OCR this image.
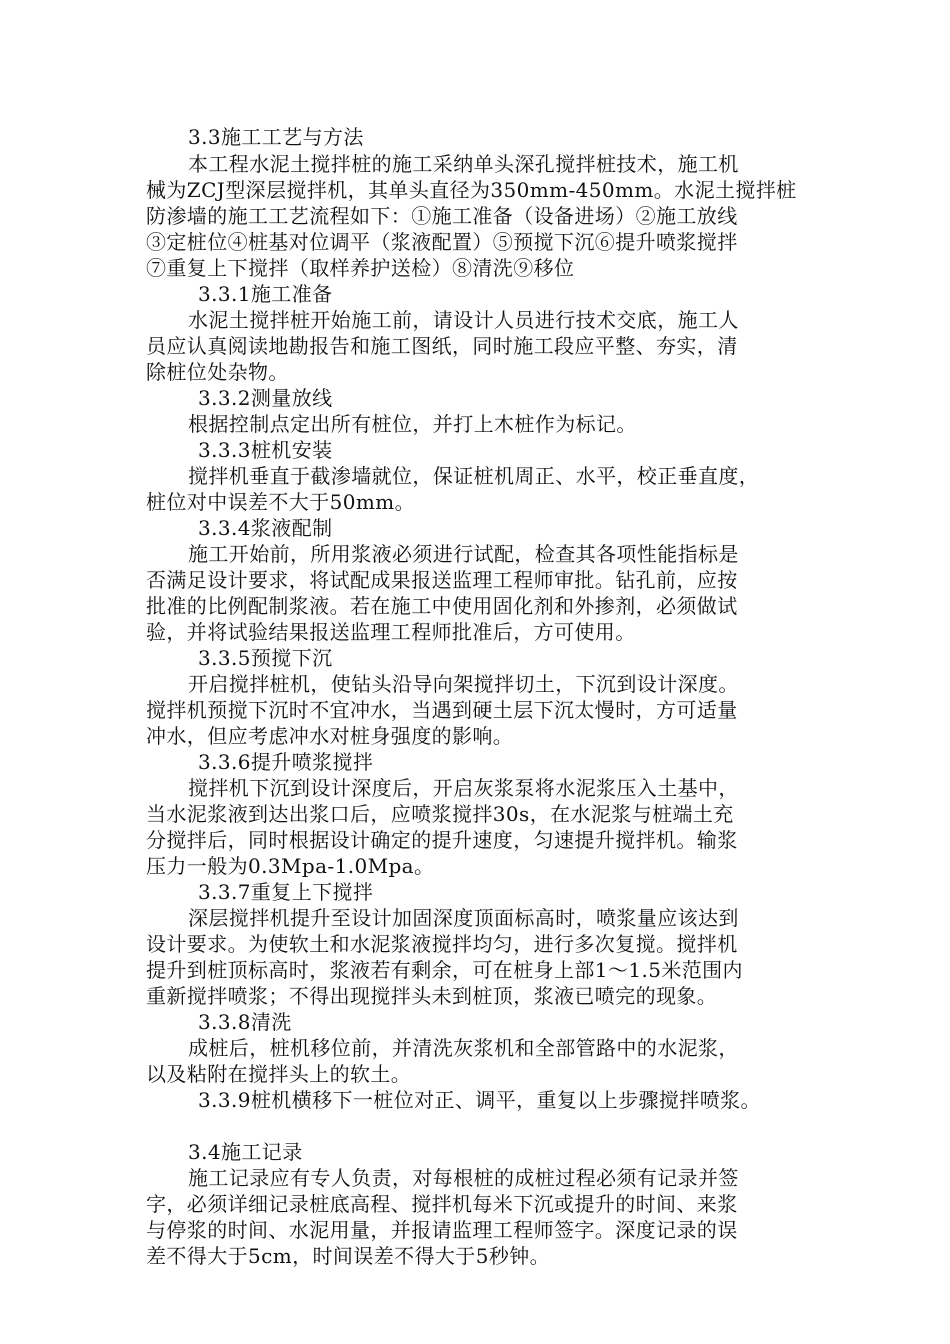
3.3施工工艺与方法
本工程水泥土搅拌桩的施工采纳单头深孔搅拌桩技术，施工机
械为ZCJ型深层搅拌机，其单头直径为350mm-450mm。水泥土搅拌桩
防渗墙的施工工艺流程如下：①施工准备（设备进场）②施工放线
③定桩位④桩基对位调平（浆液配置）⑤预搅下沉⑥提升喷浆搅拌
⑦重复上下搅拌（取样养护送检）⑧清洗⑨移位
3.3.1施工准备
水泥土搅拌桩开始施工前，请设计人员进行技术交底，施工人
员应认真阅读地勘报告和施工图纸，同时施工段应平整、夯实，清
除桩位处杂物。
3.3.2测量放线
根据控制点定出所有桩位，并打上木桩作为标记。
3.3.3桩机安装
搅拌机垂直于截渗墙就位，保证桩机周正、水平，校正垂直度，
桩位对中误差不大于50mm。
3.3.4浆液配制
施工开始前，所用浆液必须进行试配，检查其各项性能指标是
否满足设计要求，将试配成果报送监理工程师审批。钻孔前，应按
批准的比例配制浆液。若在施工中使用固化剂和外掺剂，必须做试
验，并将试验结果报送监理工程师批准后，方可使用。
3.3.5预搅下沉
开启搅拌桩机，使钻头沿导向架搅拌切土，下沉到设计深度。
搅拌机预搅下沉时不宜冲水，当遇到硬土层下沉太慢时，方可适量
冲水，但应考虑冲水对桩身强度的影响。
3.3.6提升喷浆搅拌
搅拌机下沉到设计深度后，开启灰浆泵将水泥浆压入土基中，
当水泥浆液到达出浆口后，应喷浆搅拌30s，在水泥浆与桩端土充
分搅拌后，同时根据设计确定的提升速度，匀速提升搅拌机。输浆
压力一般为0.3Mpa-1.0Mpa。
3.3.7重复上下搅拌
深层搅拌机提升至设计加固深度顶面标高时，喷浆量应该达到
设计要求。为使软土和水泥浆液搅拌均匀，进行多次复搅。搅拌机
提升到桩顶标高时，浆液若有剩余，可在桩身上部1～1.5米范围内
重新搅拌喷浆；不得出现搅拌头未到桩顶，浆液已喷完的现象。
3.3.8清洗
成桩后，桩机移位前，并清洗灰浆机和全部管路中的水泥浆，
以及粘附在搅拌头上的软土。
3.3.9桩机横移下一桩位对正、调平，重复以上步骤搅拌喷浆。
3.4施工记录
施工记录应有专人负责，对每根桩的成桩过程必须有记录并签
字，必须详细记录桩底高程、搅拌机每米下沉或提升的时间、来浆
与停浆的时间、水泥用量，并报请监理工程师签字。深度记录的误
差不得大于5cm，时间误差不得大于5秒钟。
